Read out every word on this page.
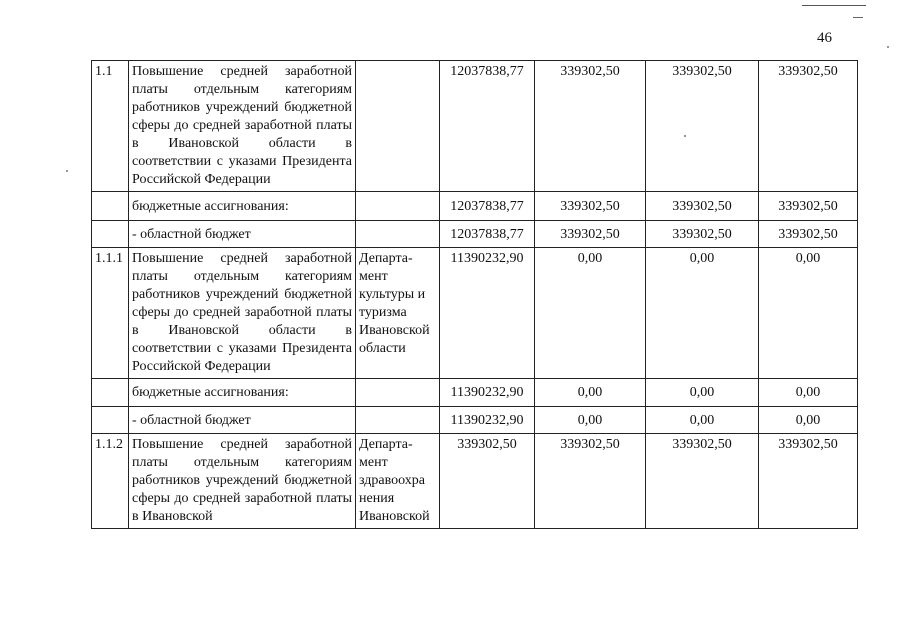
46
1.1	Повышение средней заработной платы отдельным категориям работников учреждений бюджетной сферы до средней заработной платы в Ивановской области в соответствии с указами Президента Российской Федерации		12037838,77	339302,50	339302,50	339302,50
	бюджетные ассигнования:		12037838,77	339302,50	339302,50	339302,50
	- областной бюджет		12037838,77	339302,50	339302,50	339302,50
1.1.1	Повышение средней заработной платы отдельным категориям работников учреждений бюджетной сферы до средней заработной платы в Ивановской области в соответствии с указами Президента Российской Федерации	Департа- мент культуры и туризма Ивановской области	11390232,90	0,00	0,00	0,00
	бюджетные ассигнования:		11390232,90	0,00	0,00	0,00
	- областной бюджет		11390232,90	0,00	0,00	0,00
1.1.2	Повышение средней заработной платы отдельным категориям работников учреждений бюджетной сферы до средней заработной платы в Ивановской	Департа- мент здравоохра нения Ивановской	339302,50	339302,50	339302,50	339302,50
